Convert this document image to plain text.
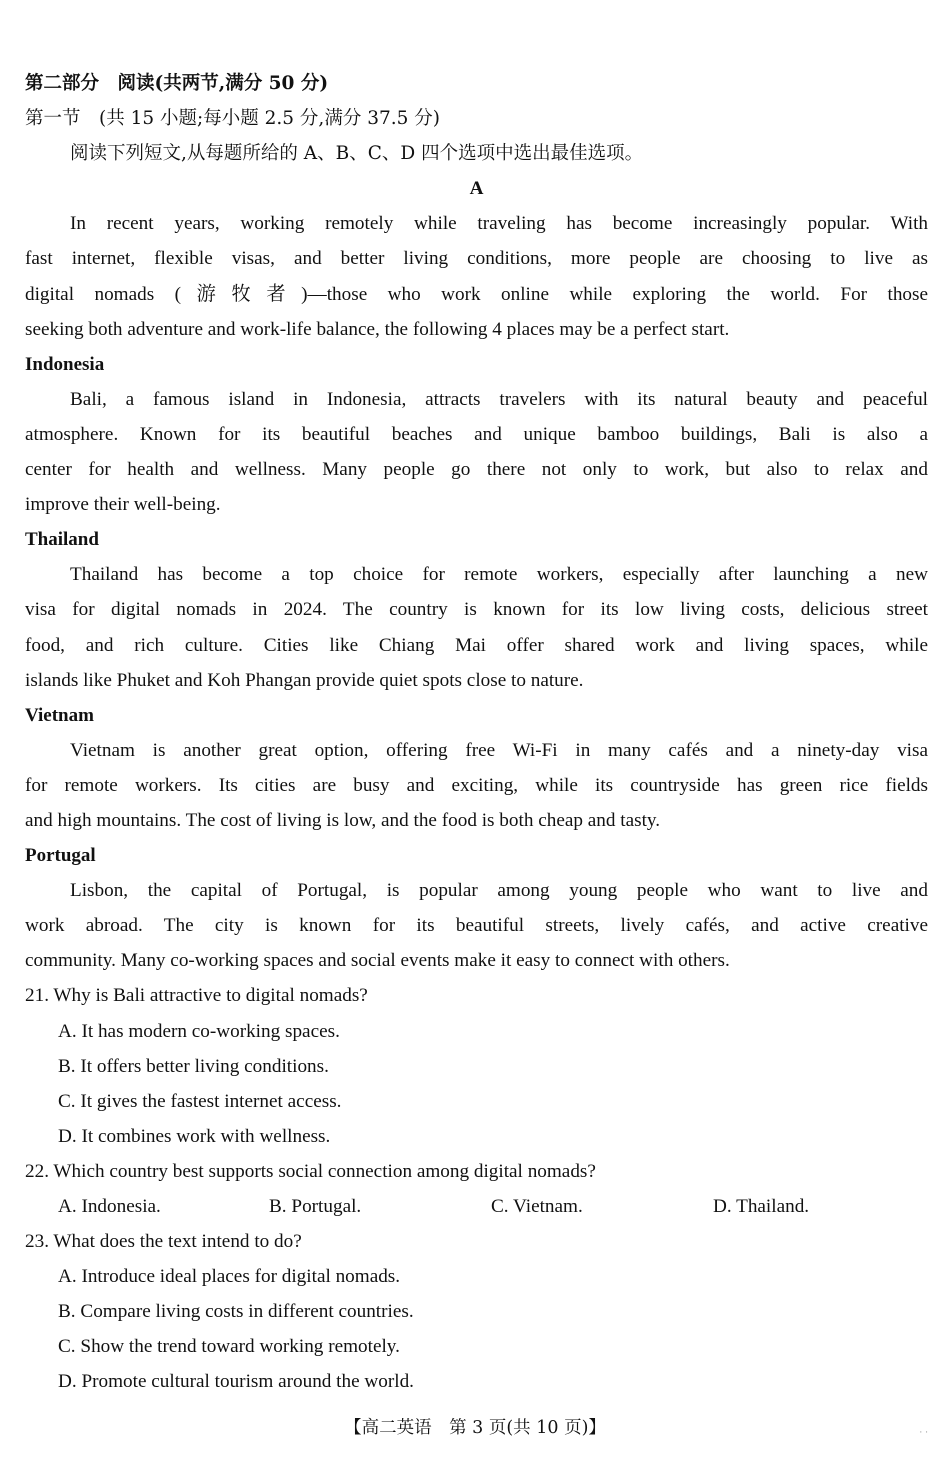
第二部分　阅读(共两节,满分 50 分)
第一节　(共 15 小题;每小题 2.5 分,满分 37.5 分)
阅读下列短文,从每题所给的 A、B、C、D 四个选项中选出最佳选项。
A
In recent years, working remotely while traveling has become increasingly popular. With
fast internet, flexible visas, and better living conditions, more people are choosing to live as
digital nomads (游牧者)—those who work online while exploring the world. For those
seeking both adventure and work-life balance, the following 4 places may be a perfect start.
Indonesia
Bali, a famous island in Indonesia, attracts travelers with its natural beauty and peaceful
atmosphere. Known for its beautiful beaches and unique bamboo buildings, Bali is also a
center for health and wellness. Many people go there not only to work, but also to relax and
improve their well-being.
Thailand
Thailand has become a top choice for remote workers, especially after launching a new
visa for digital nomads in 2024. The country is known for its low living costs, delicious street
food, and rich culture. Cities like Chiang Mai offer shared work and living spaces, while
islands like Phuket and Koh Phangan provide quiet spots close to nature.
Vietnam
Vietnam is another great option, offering free Wi-Fi in many cafés and a ninety-day visa
for remote workers. Its cities are busy and exciting, while its countryside has green rice fields
and high mountains. The cost of living is low, and the food is both cheap and tasty.
Portugal
Lisbon, the capital of Portugal, is popular among young people who want to live and
work abroad. The city is known for its beautiful streets, lively cafés, and active creative
community. Many co-working spaces and social events make it easy to connect with others.
21. Why is Bali attractive to digital nomads?
A. It has modern co-working spaces.
B. It offers better living conditions.
C. It gives the fastest internet access.
D. It combines work with wellness.
22. Which country best supports social connection among digital nomads?
A. Indonesia.	B. Portugal.	C. Vietnam.	D. Thailand.
23. What does the text intend to do?
A. Introduce ideal places for digital nomads.
B. Compare living costs in different countries.
C. Show the trend toward working remotely.
D. Promote cultural tourism around the world.
【高二英语　第 3 页(共 10 页)】	· ·
